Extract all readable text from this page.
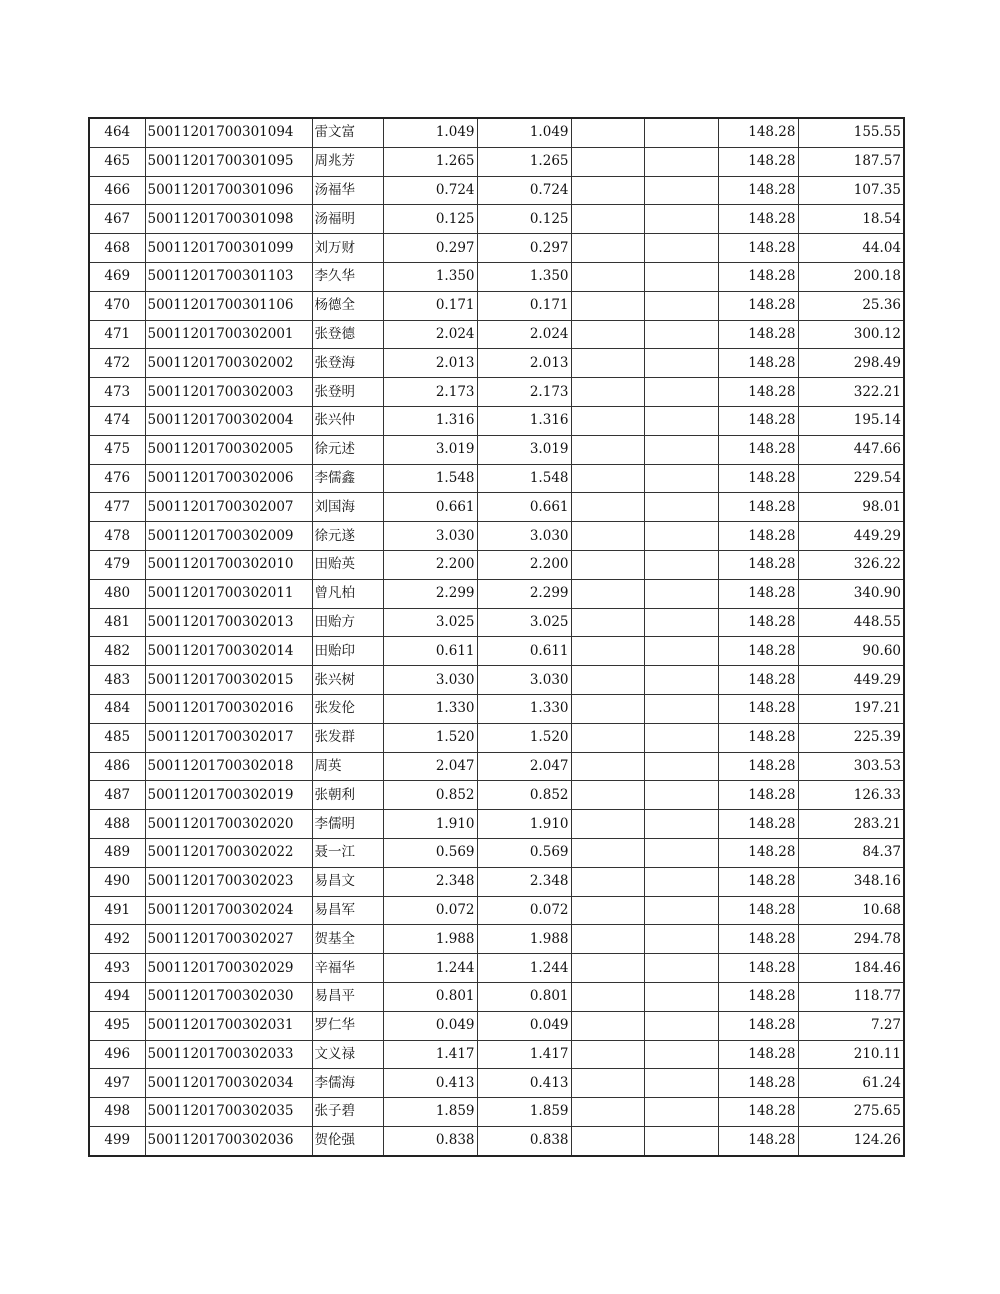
464	50011201700301094	雷文富	1.049	1.049			148.28	155.55
465	50011201700301095	周兆芳	1.265	1.265			148.28	187.57
466	50011201700301096	汤福华	0.724	0.724			148.28	107.35
467	50011201700301098	汤福明	0.125	0.125			148.28	18.54
468	50011201700301099	刘万财	0.297	0.297			148.28	44.04
469	50011201700301103	李久华	1.350	1.350			148.28	200.18
470	50011201700301106	杨德全	0.171	0.171			148.28	25.36
471	50011201700302001	张登德	2.024	2.024			148.28	300.12
472	50011201700302002	张登海	2.013	2.013			148.28	298.49
473	50011201700302003	张登明	2.173	2.173			148.28	322.21
474	50011201700302004	张兴仲	1.316	1.316			148.28	195.14
475	50011201700302005	徐元述	3.019	3.019			148.28	447.66
476	50011201700302006	李儒鑫	1.548	1.548			148.28	229.54
477	50011201700302007	刘国海	0.661	0.661			148.28	98.01
478	50011201700302009	徐元遂	3.030	3.030			148.28	449.29
479	50011201700302010	田贻英	2.200	2.200			148.28	326.22
480	50011201700302011	曾凡柏	2.299	2.299			148.28	340.90
481	50011201700302013	田贻方	3.025	3.025			148.28	448.55
482	50011201700302014	田贻印	0.611	0.611			148.28	90.60
483	50011201700302015	张兴树	3.030	3.030			148.28	449.29
484	50011201700302016	张发伦	1.330	1.330			148.28	197.21
485	50011201700302017	张发群	1.520	1.520			148.28	225.39
486	50011201700302018	周英	2.047	2.047			148.28	303.53
487	50011201700302019	张朝利	0.852	0.852			148.28	126.33
488	50011201700302020	李儒明	1.910	1.910			148.28	283.21
489	50011201700302022	聂一江	0.569	0.569			148.28	84.37
490	50011201700302023	易昌文	2.348	2.348			148.28	348.16
491	50011201700302024	易昌军	0.072	0.072			148.28	10.68
492	50011201700302027	贺基全	1.988	1.988			148.28	294.78
493	50011201700302029	辛福华	1.244	1.244			148.28	184.46
494	50011201700302030	易昌平	0.801	0.801			148.28	118.77
495	50011201700302031	罗仁华	0.049	0.049			148.28	7.27
496	50011201700302033	文义禄	1.417	1.417			148.28	210.11
497	50011201700302034	李儒海	0.413	0.413			148.28	61.24
498	50011201700302035	张子碧	1.859	1.859			148.28	275.65
499	50011201700302036	贺伦强	0.838	0.838			148.28	124.26
